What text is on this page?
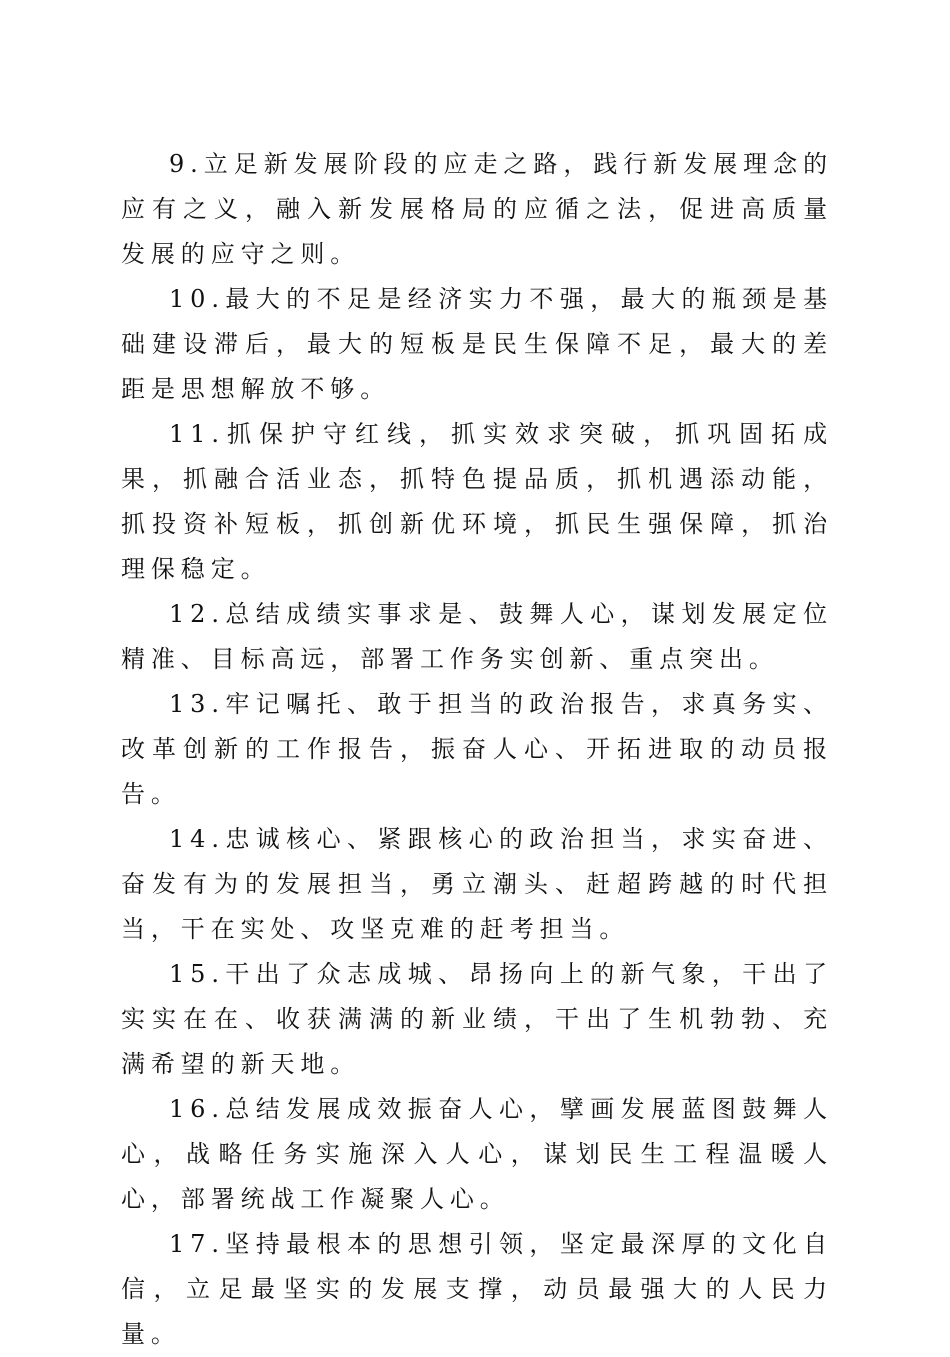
9.立足新发展阶段的应走之路，践行新发展理念的应有之义，融入新发展格局的应循之法，促进高质量发展的应守之则。

10.最大的不足是经济实力不强，最大的瓶颈是基础建设滞后，最大的短板是民生保障不足，最大的差距是思想解放不够。

11.抓保护守红线，抓实效求突破，抓巩固拓成果，抓融合活业态，抓特色提品质，抓机遇添动能，抓投资补短板，抓创新优环境，抓民生强保障，抓治理保稳定。

12.总结成绩实事求是、鼓舞人心，谋划发展定位精准、目标高远，部署工作务实创新、重点突出。

13.牢记嘱托、敢于担当的政治报告，求真务实、改革创新的工作报告，振奋人心、开拓进取的动员报告。

14.忠诚核心、紧跟核心的政治担当，求实奋进、奋发有为的发展担当，勇立潮头、赶超跨越的时代担当，干在实处、攻坚克难的赶考担当。

15.干出了众志成城、昂扬向上的新气象，干出了实实在在、收获满满的新业绩，干出了生机勃勃、充满希望的新天地。

16.总结发展成效振奋人心，擘画发展蓝图鼓舞人心，战略任务实施深入人心，谋划民生工程温暖人心，部署统战工作凝聚人心。

17.坚持最根本的思想引领，坚定最深厚的文化自信，立足最坚实的发展支撑，动员最强大的人民力量。
